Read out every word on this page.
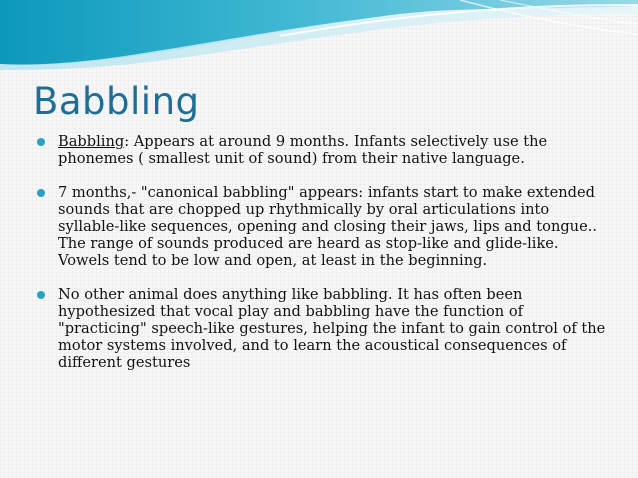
Babbling
Babbling: Appears at around 9 months. Infants selectively use the phonemes ( smallest unit of sound) from their native language.
7 months,- "canonical babbling" appears: infants start to make extended sounds that are chopped up rhythmically by oral articulations into syllable-like sequences, opening and closing their jaws, lips and tongue.. The range of sounds produced are heard as stop-like and glide-like. Vowels tend to be low and open, at least in the beginning.
No other animal does anything like babbling. It has often been hypothesized that vocal play and babbling have the function of "practicing" speech-like gestures, helping the infant to gain control of the motor systems involved, and to learn the acoustical consequences of different gestures
